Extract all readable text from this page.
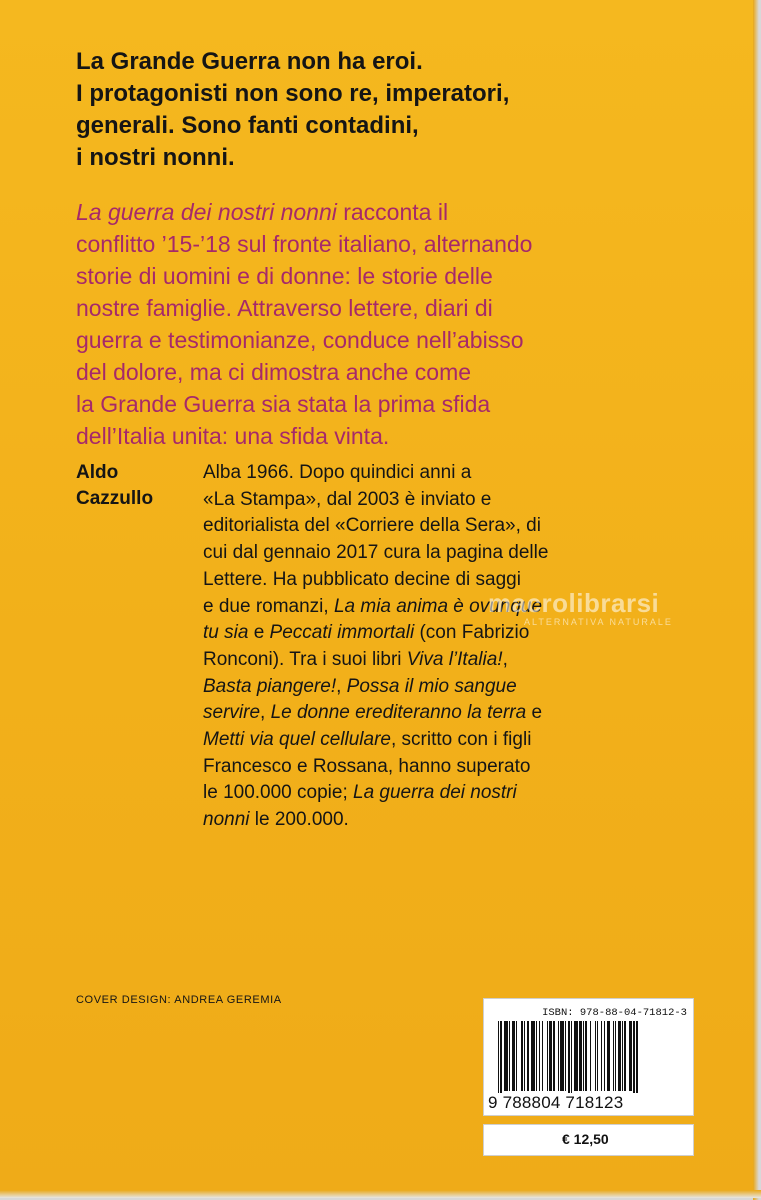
La Grande Guerra non ha eroi.
I protagonisti non sono re, imperatori,
generali. Sono fanti contadini,
i nostri nonni.
La guerra dei nostri nonni racconta il
conflitto ’15-’18 sul fronte italiano, alternando
storie di uomini e di donne: le storie delle
nostre famiglie. Attraverso lettere, diari di
guerra e testimonianze, conduce nell’abisso
del dolore, ma ci dimostra anche come
la Grande Guerra sia stata la prima sfida
dell’Italia unita: una sfida vinta.
Aldo
Cazzullo
Alba 1966. Dopo quindici anni a
«La Stampa», dal 2003 è inviato e
editorialista del «Corriere della Sera», di
cui dal gennaio 2017 cura la pagina delle
Lettere. Ha pubblicato decine di saggi
e due romanzi, La mia anima è ovunque
tu sia e Peccati immortali (con Fabrizio
Ronconi). Tra i suoi libri Viva l’Italia!,
Basta piangere!, Possa il mio sangue
servire, Le donne erediteranno la terra e
Metti via quel cellulare, scritto con i figli
Francesco e Rossana, hanno superato
le 100.000 copie; La guerra dei nostri
nonni le 200.000.
macrolibrarsi
ALTERNATIVA NATURALE
COVER DESIGN: ANDREA GEREMIA
ISBN: 978-88-04-71812-3
9 788804 718123
€ 12,50
